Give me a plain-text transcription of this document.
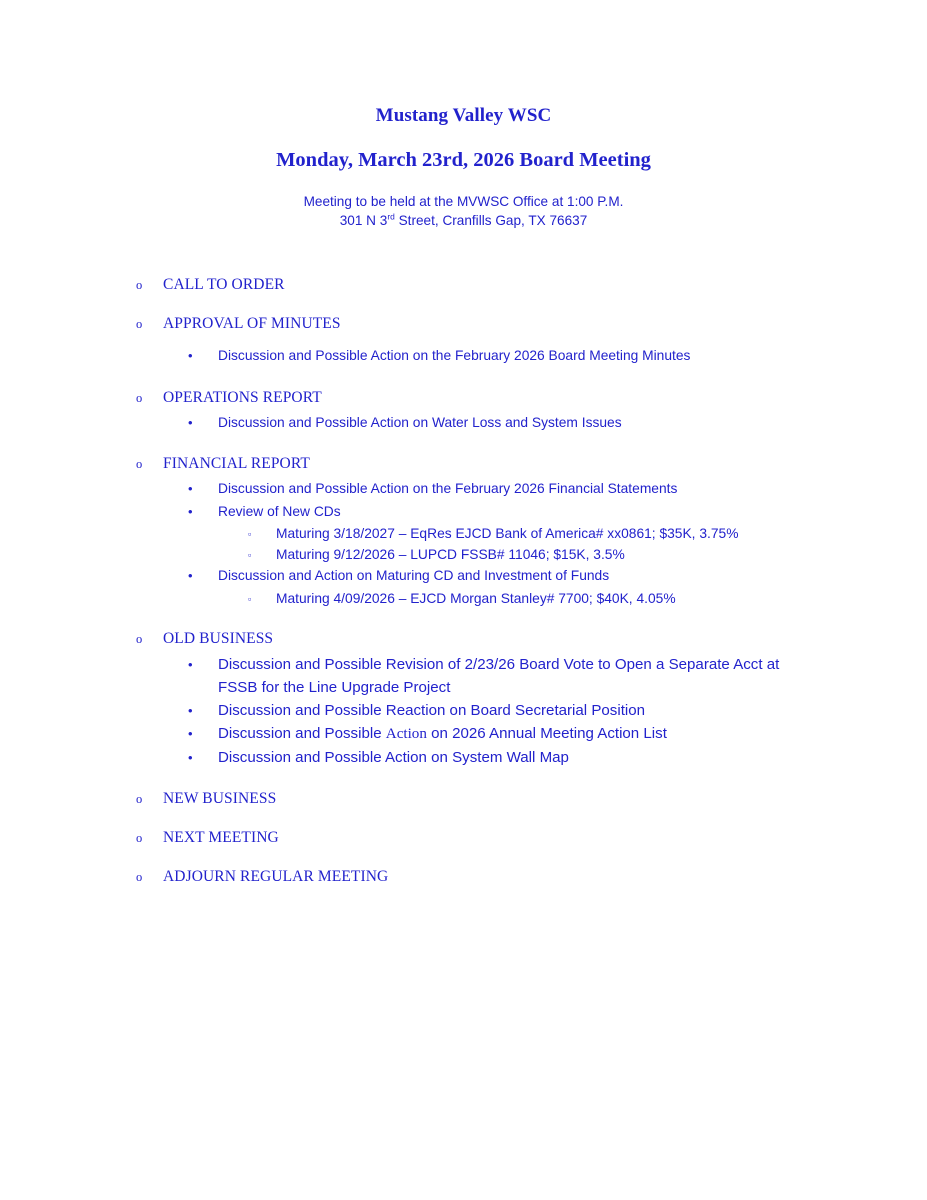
Mustang Valley WSC

Monday, March 23rd, 2026 Board Meeting

Meeting to be held at the MVWSC Office at 1:00 P.M.

301 N 3rd Street, Cranfills Gap, TX 76637

o CALL TO ORDER
o APPROVAL OF MINUTES
• Discussion and Possible Action on the February 2026 Board Meeting Minutes
o OPERATIONS REPORT
• Discussion and Possible Action on Water Loss and System Issues
o FINANCIAL REPORT
• Discussion and Possible Action on the February 2026 Financial Statements
• Review of New CDs
▫ Maturing 3/18/2027 – EqRes EJCD Bank of America# xx0861; $35K, 3.75%
▫ Maturing 9/12/2026 – LUPCD FSSB# 11046; $15K, 3.5%
• Discussion and Action on Maturing CD and Investment of Funds
▫ Maturing 4/09/2026 – EJCD Morgan Stanley# 7700; $40K, 4.05%
o OLD BUSINESS
• Discussion and Possible Revision of 2/23/26 Board Vote to Open a Separate Acct at FSSB for the Line Upgrade Project
• Discussion and Possible Reaction on Board Secretarial Position
• Discussion and Possible Action on 2026 Annual Meeting Action List
• Discussion and Possible Action on System Wall Map
o NEW BUSINESS
o NEXT MEETING
o ADJOURN REGULAR MEETING
